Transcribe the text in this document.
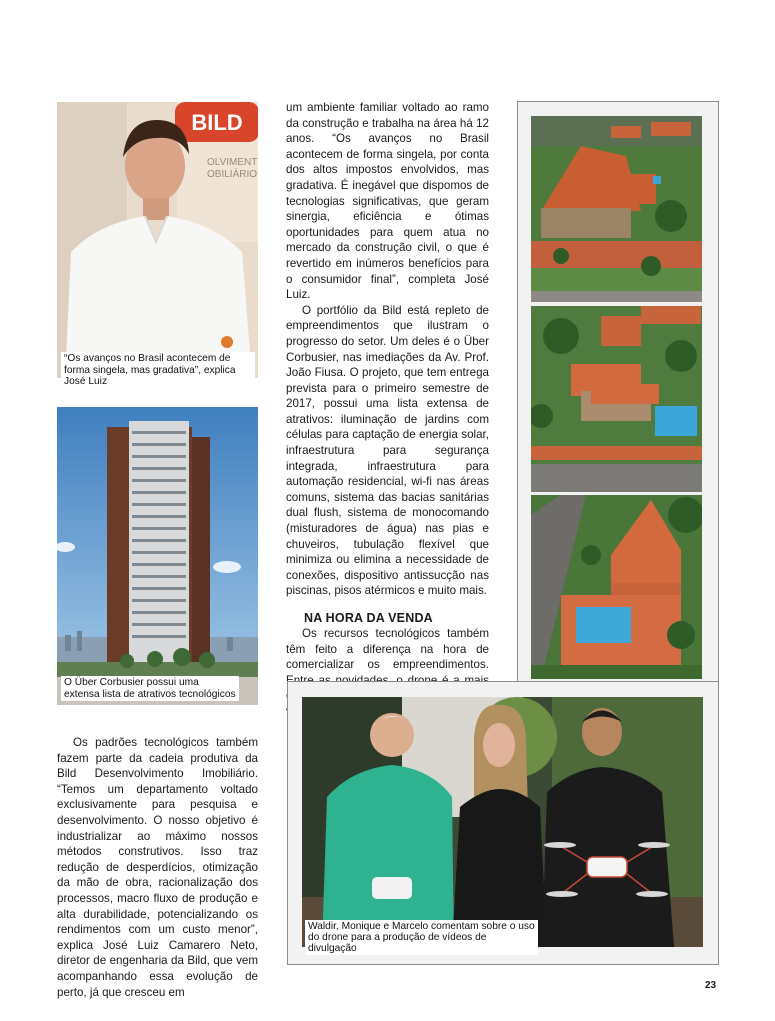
BILD
OLVIMENT
OBILIÁRIO
“Os avanços no Brasil acontecem de forma singela, mas gradativa”, explica José Luiz
O Über Corbusier possui uma extensa lista de atrativos tecnológicos

Os padrões tecnológicos também fazem parte da cadeia produtiva da Bild Desenvolvimento Imobiliário. “Temos um departamento voltado exclusivamente para pesquisa e desenvolvimento. O nosso objetivo é industrializar ao máximo nossos métodos construtivos. Isso traz redução de desperdícios, otimização da mão de obra, racionalização dos processos, macro fluxo de produção e alta durabilidade, potencializando os rendimentos com um custo menor”, explica José Luiz Camarero Neto, diretor de engenharia da Bild, que vem acompanhando essa evolução de perto, já que cresceu em

um ambiente familiar voltado ao ramo da construção e trabalha na área há 12 anos. “Os avanços no Brasil acontecem de forma singela, por conta dos altos impostos envolvidos, mas gradativa. É inegável que dispomos de tecnologias significativas, que geram sinergia, eficiência e ótimas oportunidades para quem atua no mercado da construção civil, o que é revertido em inúmeros benefícios para o consumidor final”, completa José Luiz.

O portfólio da Bild está repleto de empreendimentos que ilustram o progresso do setor. Um deles é o Über Corbusier, nas imediações da Av. Prof. João Fiusa. O projeto, que tem entrega prevista para o primeiro semestre de 2017, possui uma lista extensa de atrativos: iluminação de jardins com células para captação de energia solar, infraestrutura para segurança integrada, infraestrutura para automação residencial, wi-fi nas áreas comuns, sistema das bacias sanitárias dual flush, sistema de monocomando (misturadores de água) nas pias e chuveiros, tubulação flexível que minimiza ou elimina a necessidade de conexões, dispositivo antissucção nas piscinas, pisos atérmicos e muito mais.

NA HORA DA VENDA

Os recursos tecnológicos também têm feito a diferença na hora de comercializar os empreendimentos.

Waldir, Monique e Marcelo comentam sobre o uso do drone para a produção de vídeos de divulgação
23
